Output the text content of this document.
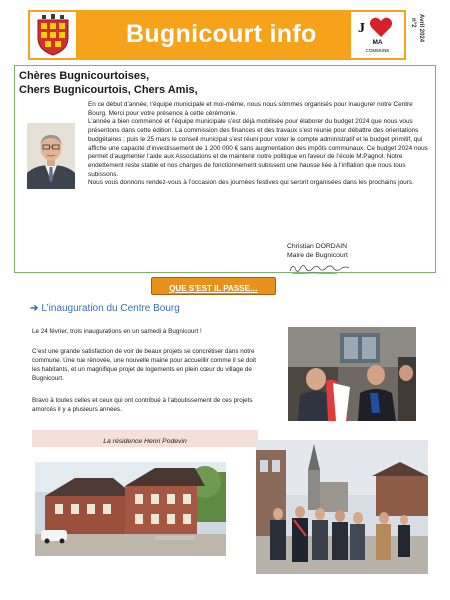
Bugnicourt info	J
MA
COMMUNE
Avril 2024
n°2
Chères Bugnicourtoises,
Chers Bugnicourtois, Chers Amis,

En ce début d’année, l’équipe municipale et moi-même, nous nous sommes organisés pour inaugurer notre Centre Bourg. Merci pour votre présence à cette cérémonie.

L’année a bien commencé et l’équipe municipale s’est déjà mobilisée pour élaborer du budget 2024 que nous vous présentons dans cette édition. La commission des finances et des travaux s’est réunie pour débattre des orientations budgétaires ; puis le 25 mars le conseil municipal s’est réuni pour voter le compte administratif et le budget primitif, qui affiche une capacité d’investissement de 1 200 000 € sans augmentation des impôts communaux. Ce budget 2024 nous permet d’augmenter l’aide aux Associations et de maintenir notre politique en faveur de l’école M.Pagnol. Notre endettement reste stable et nos charges de fonctionnement subissent une hausse liée à l’inflation que nous tous subissons.

Nous vous donnons rendez-vous à l’occasion des journées festives qui seront organisées dans les prochains jours.

Christian DORDAIN
Maire de Bugnicourt
QUE S’EST IL PASSE…
➔ L’inauguration du Centre Bourg
Le 24 février, trois inaugurations en un samedi à Bugnicourt !
C’est une grande satisfaction de voir de beaux projets se concrétiser dans notre commune. Une rue rénovée, une nouvelle mairie pour accueillir comme il se doit les habitants, et un magnifique projet de logements en plein cœur du village de Bugnicourt.
Bravo à toutes celles et ceux qui ont contribué à l’aboutissement de ces projets amorcés il y a plusieurs années.
La résidence Henri Podevin
